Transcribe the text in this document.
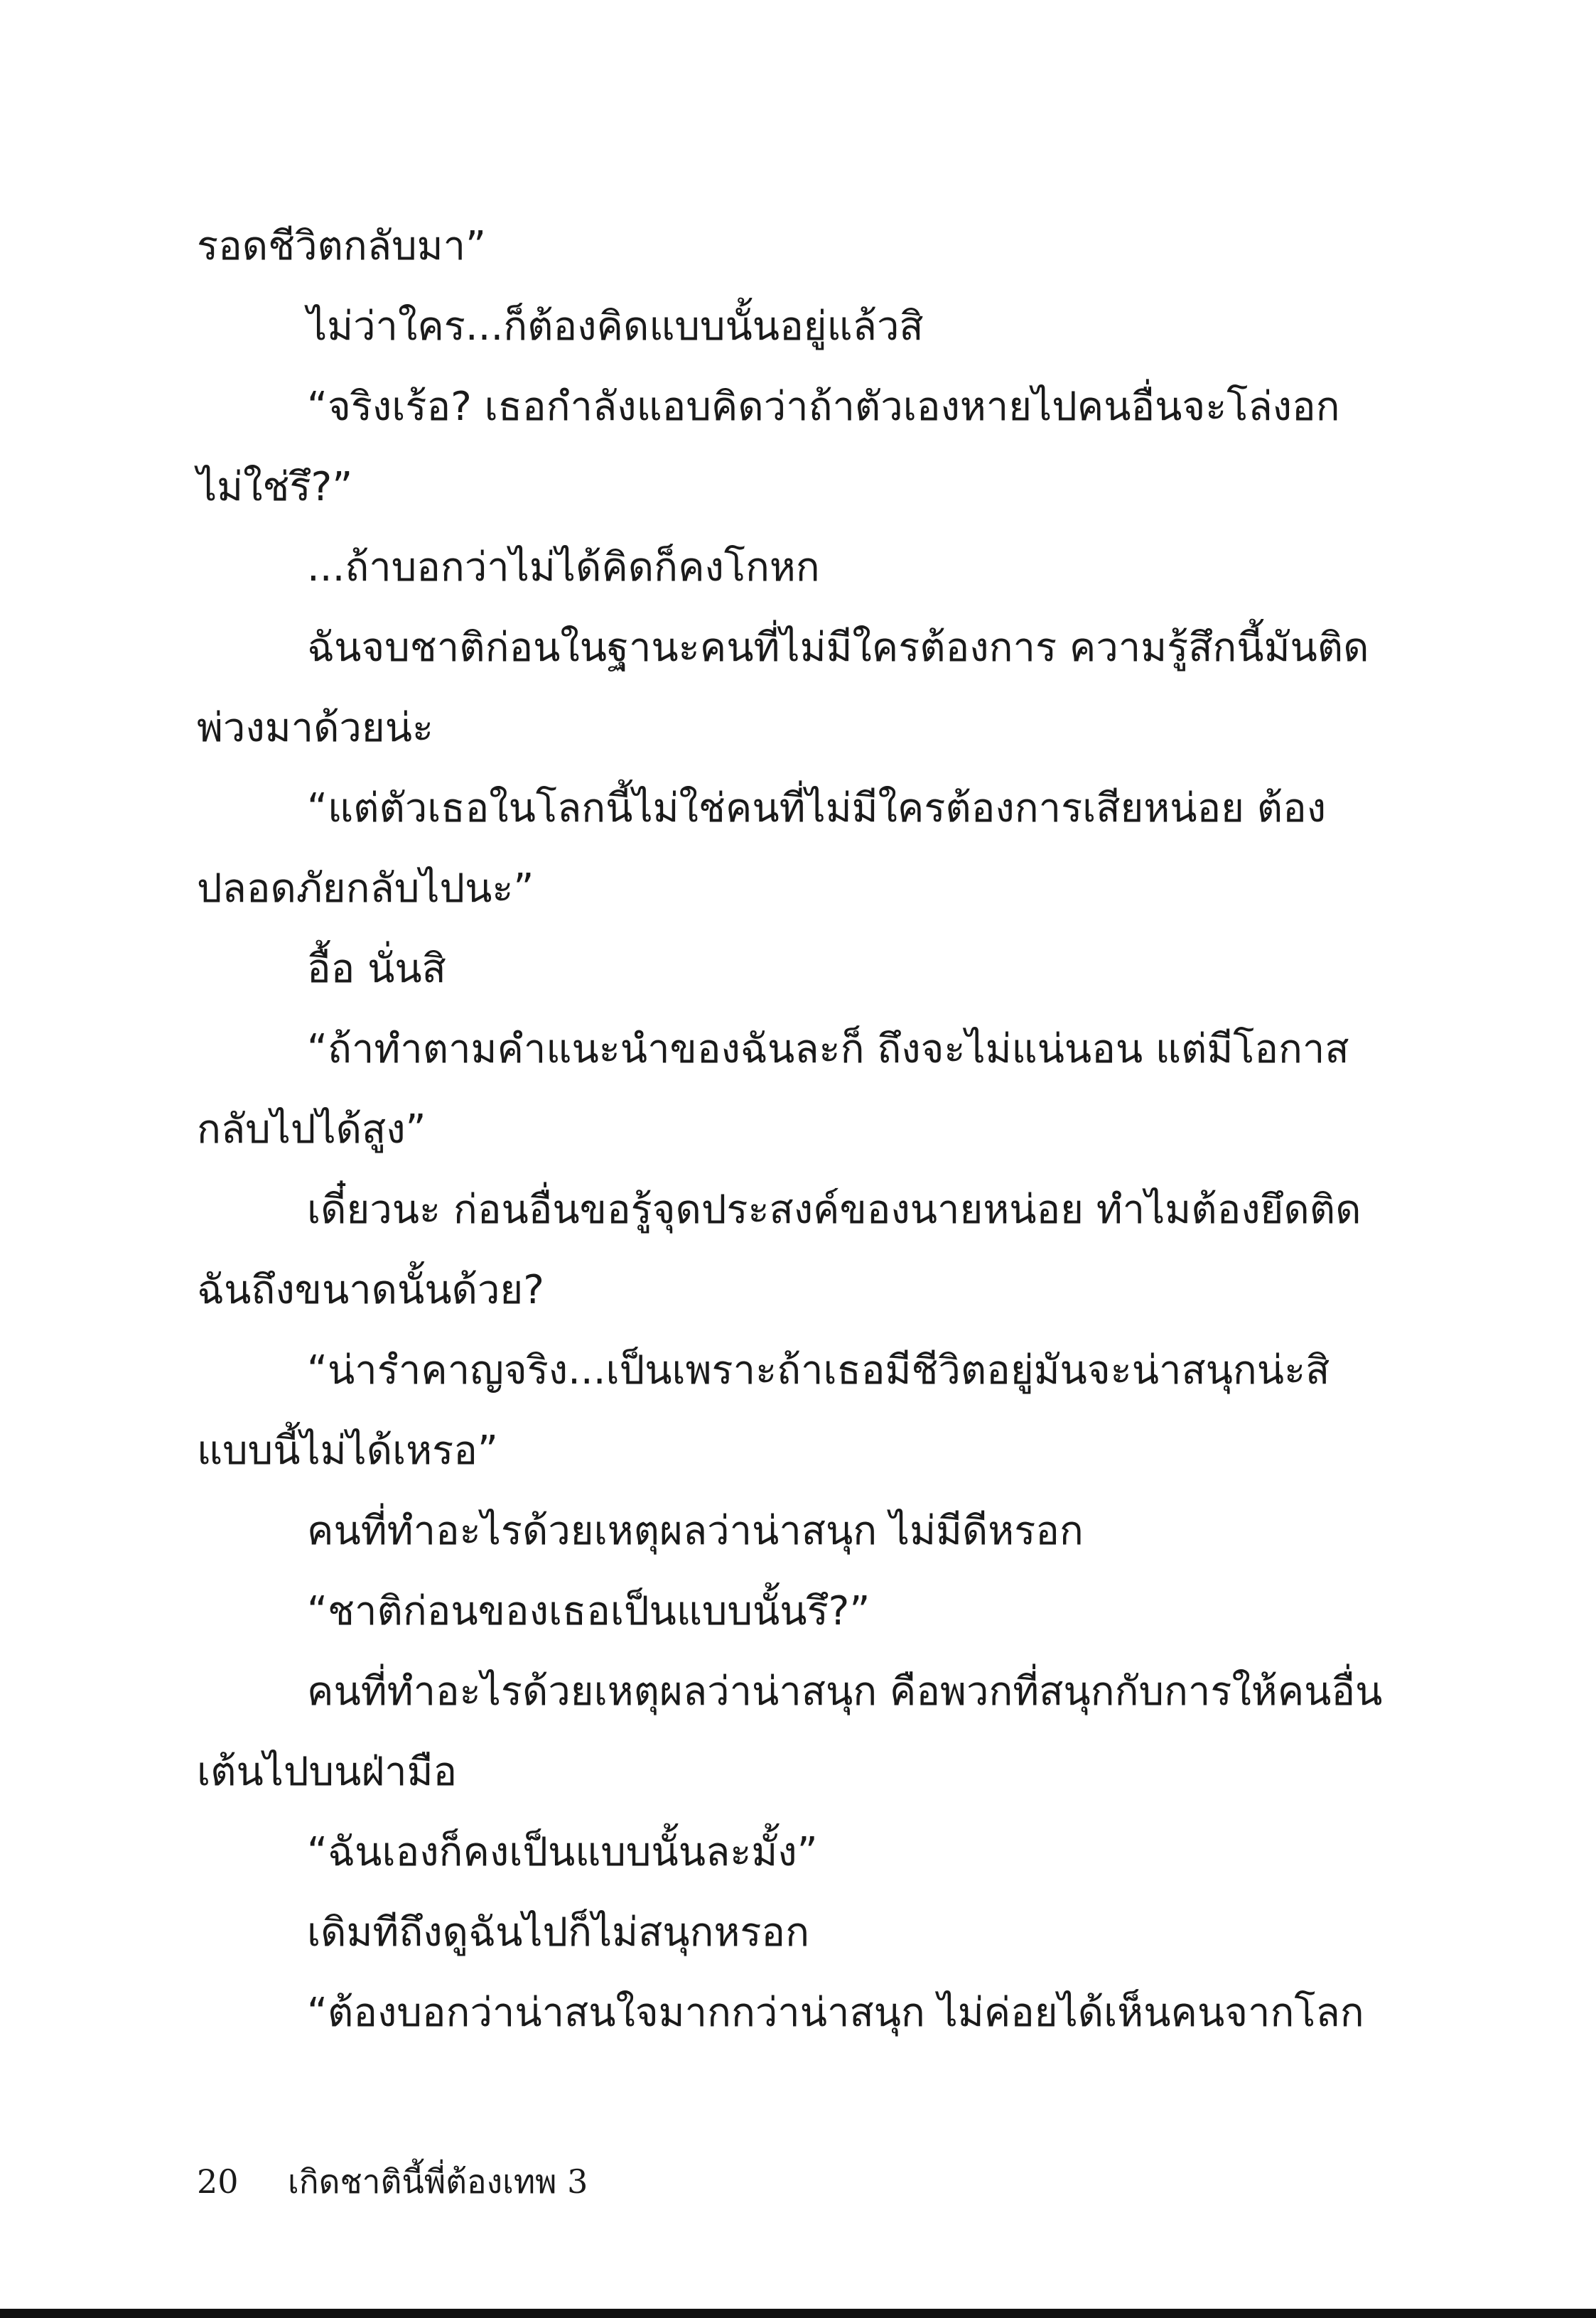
รอดชีวิตกลับมา”
ไม่ว่าใคร...ก็ต้องคิดแบบนั้นอยู่แล้วสิ
“จริงเร้อ? เธอกำลังแอบคิดว่าถ้าตัวเองหายไปคนอื่นจะโล่งอก
ไม่ใช่รึ?”
...ถ้าบอกว่าไม่ได้คิดก็คงโกหก
ฉันจบชาติก่อนในฐานะคนที่ไม่มีใครต้องการ ความรู้สึกนี้มันติด
พ่วงมาด้วยน่ะ
“แต่ตัวเธอในโลกนี้ไม่ใช่คนที่ไม่มีใครต้องการเสียหน่อย ต้อง
ปลอดภัยกลับไปนะ”
อื้อ นั่นสิ
“ถ้าทำตามคำแนะนำของฉันละก็ ถึงจะไม่แน่นอน แต่มีโอกาส
กลับไปได้สูง”
เดี๋ยวนะ ก่อนอื่นขอรู้จุดประสงค์ของนายหน่อย ทำไมต้องยึดติด
ฉันถึงขนาดนั้นด้วย?
“น่ารำคาญจริง...เป็นเพราะถ้าเธอมีชีวิตอยู่มันจะน่าสนุกน่ะสิ
แบบนี้ไม่ได้เหรอ”
คนที่ทำอะไรด้วยเหตุผลว่าน่าสนุก ไม่มีดีหรอก
“ชาติก่อนของเธอเป็นแบบนั้นรึ?”
คนที่ทำอะไรด้วยเหตุผลว่าน่าสนุก คือพวกที่สนุกกับการให้คนอื่น
เต้นไปบนฝ่ามือ
“ฉันเองก็คงเป็นแบบนั้นละมั้ง”
เดิมทีถึงดูฉันไปก็ไม่สนุกหรอก
“ต้องบอกว่าน่าสนใจมากกว่าน่าสนุก ไม่ค่อยได้เห็นคนจากโลก
20 เกิดชาตินี้พี่ต้องเทพ 3
